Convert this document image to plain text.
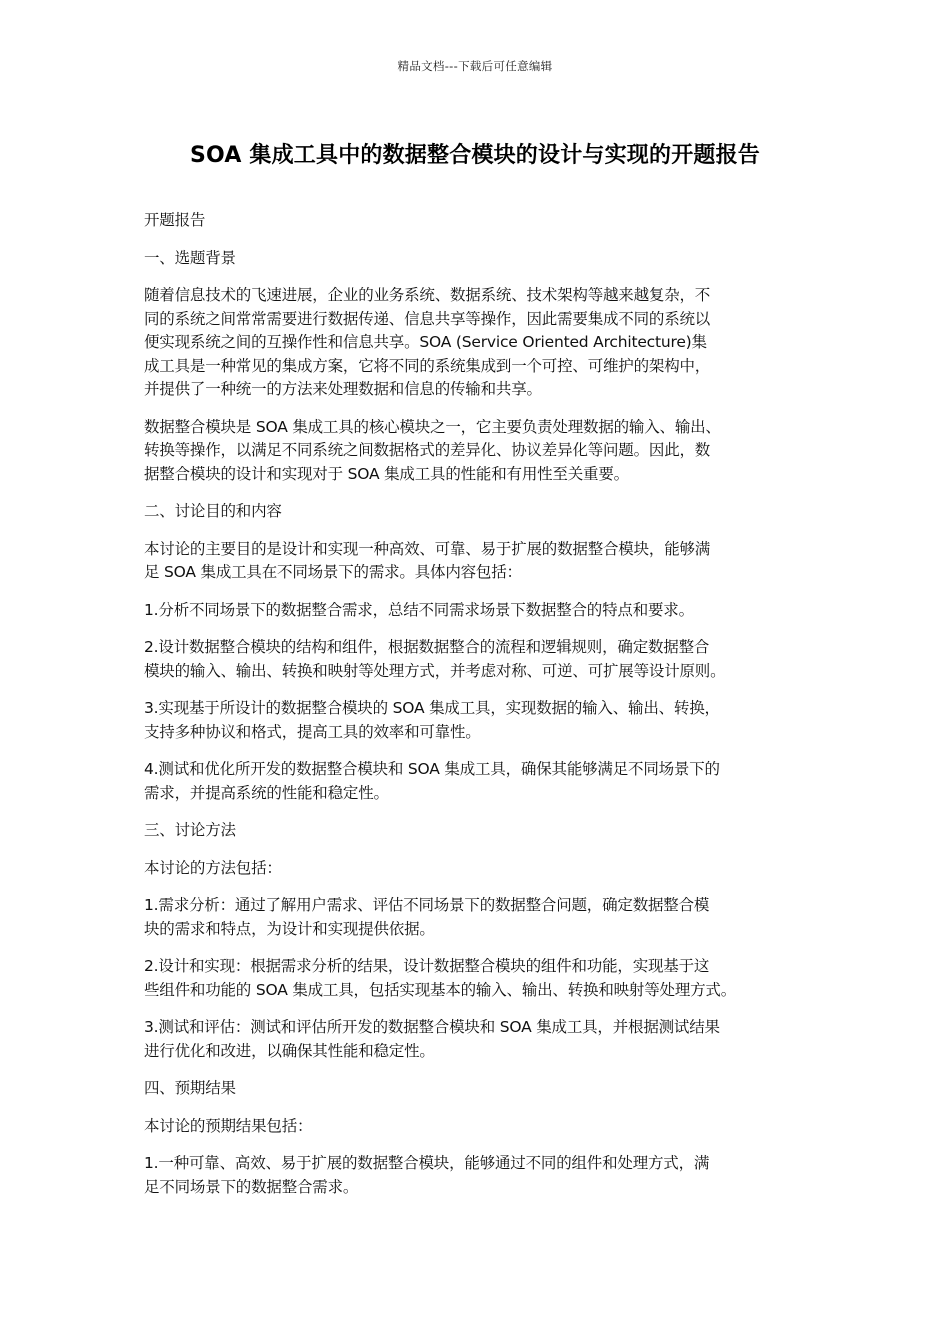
精品文档---下载后可任意编辑
SOA 集成工具中的数据整合模块的设计与实现的开题报告

开题报告

一、选题背景

随着信息技术的飞速进展，企业的业务系统、数据系统、技术架构等越来越复杂，不
同的系统之间常常需要进行数据传递、信息共享等操作，因此需要集成不同的系统以
便实现系统之间的互操作性和信息共享。SOA (Service Oriented Architecture)集
成工具是一种常见的集成方案，它将不同的系统集成到一个可控、可维护的架构中，
并提供了一种统一的方法来处理数据和信息的传输和共享。

数据整合模块是 SOA 集成工具的核心模块之一，它主要负责处理数据的输入、输出、
转换等操作，以满足不同系统之间数据格式的差异化、协议差异化等问题。因此，数
据整合模块的设计和实现对于 SOA 集成工具的性能和有用性至关重要。

二、讨论目的和内容

本讨论的主要目的是设计和实现一种高效、可靠、易于扩展的数据整合模块，能够满
足 SOA 集成工具在不同场景下的需求。具体内容包括：

1.分析不同场景下的数据整合需求，总结不同需求场景下数据整合的特点和要求。

2.设计数据整合模块的结构和组件，根据数据整合的流程和逻辑规则，确定数据整合
模块的输入、输出、转换和映射等处理方式，并考虑对称、可逆、可扩展等设计原则。

3.实现基于所设计的数据整合模块的 SOA 集成工具，实现数据的输入、输出、转换，
支持多种协议和格式，提高工具的效率和可靠性。

4.测试和优化所开发的数据整合模块和 SOA 集成工具，确保其能够满足不同场景下的
需求，并提高系统的性能和稳定性。

三、讨论方法

本讨论的方法包括：

1.需求分析：通过了解用户需求、评估不同场景下的数据整合问题，确定数据整合模
块的需求和特点，为设计和实现提供依据。

2.设计和实现：根据需求分析的结果，设计数据整合模块的组件和功能，实现基于这
些组件和功能的 SOA 集成工具，包括实现基本的输入、输出、转换和映射等处理方式。

3.测试和评估：测试和评估所开发的数据整合模块和 SOA 集成工具，并根据测试结果
进行优化和改进，以确保其性能和稳定性。

四、预期结果

本讨论的预期结果包括：

1.一种可靠、高效、易于扩展的数据整合模块，能够通过不同的组件和处理方式，满
足不同场景下的数据整合需求。
